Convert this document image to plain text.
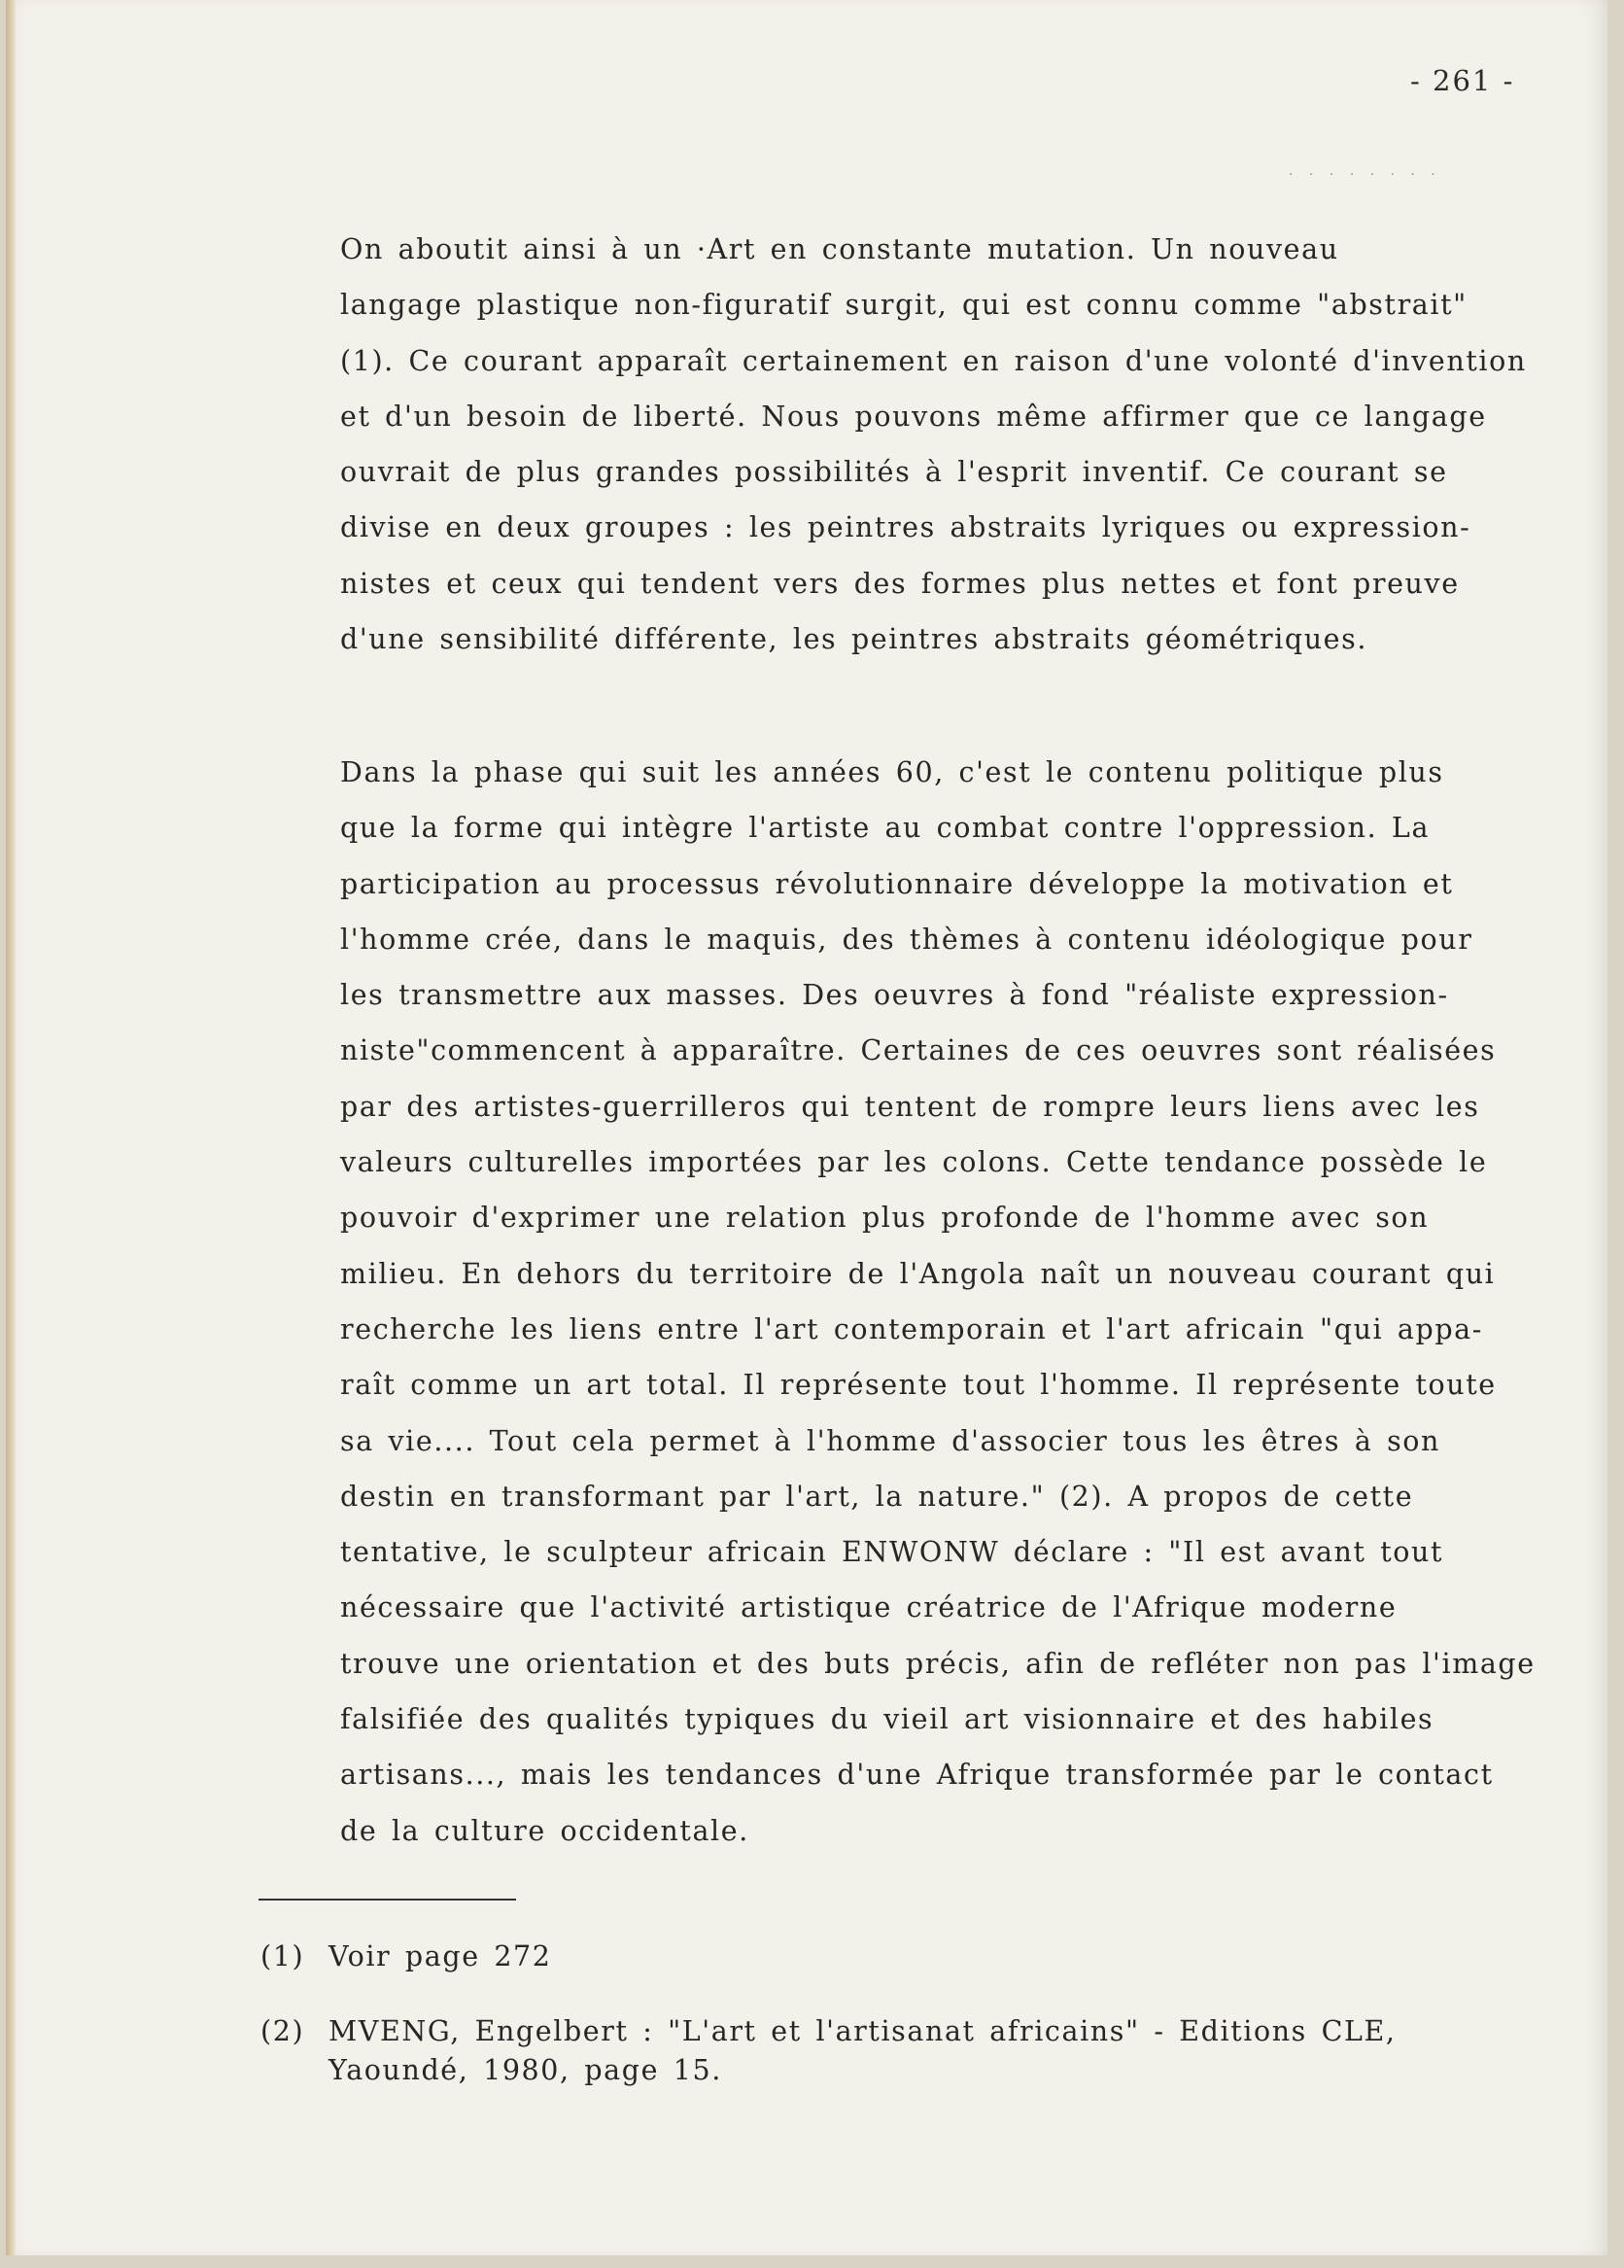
- 261 -
· · · · · · · ·

On aboutit ainsi à un ·Art en constante mutation. Un nouveau
langage plastique non-figuratif surgit, qui est connu comme "abstrait"
(1). Ce courant apparaît certainement en raison d'une volonté d'invention
et d'un besoin de liberté. Nous pouvons même affirmer que ce langage
ouvrait de plus grandes possibilités à l'esprit inventif. Ce courant se
divise en deux groupes : les peintres abstraits lyriques ou expression-
nistes et ceux qui tendent vers des formes plus nettes et font preuve
d'une sensibilité différente, les peintres abstraits géométriques.

Dans la phase qui suit les années 60, c'est le contenu politique plus
que la forme qui intègre l'artiste au combat contre l'oppression. La
participation au processus révolutionnaire développe la motivation et
l'homme crée, dans le maquis, des thèmes à contenu idéologique pour
les transmettre aux masses. Des oeuvres à fond "réaliste expression-
niste"commencent à apparaître. Certaines de ces oeuvres sont réalisées
par des artistes-guerrilleros qui tentent de rompre leurs liens avec les
valeurs culturelles importées par les colons. Cette tendance possède le
pouvoir d'exprimer une relation plus profonde de l'homme avec son
milieu. En dehors du territoire de l'Angola naît un nouveau courant qui
recherche les liens entre l'art contemporain et l'art africain "qui appa-
raît comme un art total. Il représente tout l'homme. Il représente toute
sa vie.... Tout cela permet à l'homme d'associer tous les êtres à son
destin en transformant par l'art, la nature." (2). A propos de cette
tentative, le sculpteur africain ENWONW déclare : "Il est avant tout
nécessaire que l'activité artistique créatrice de l'Afrique moderne
trouve une orientation et des buts précis, afin de refléter non pas l'image
falsifiée des qualités typiques du vieil art visionnaire et des habiles
artisans..., mais les tendances d'une Afrique transformée par le contact
de la culture occidentale.

(1) Voir page 272
(2) MVENG, Engelbert : "L'art et l'artisanat africains" - Editions CLE,
Yaoundé, 1980, page 15.
